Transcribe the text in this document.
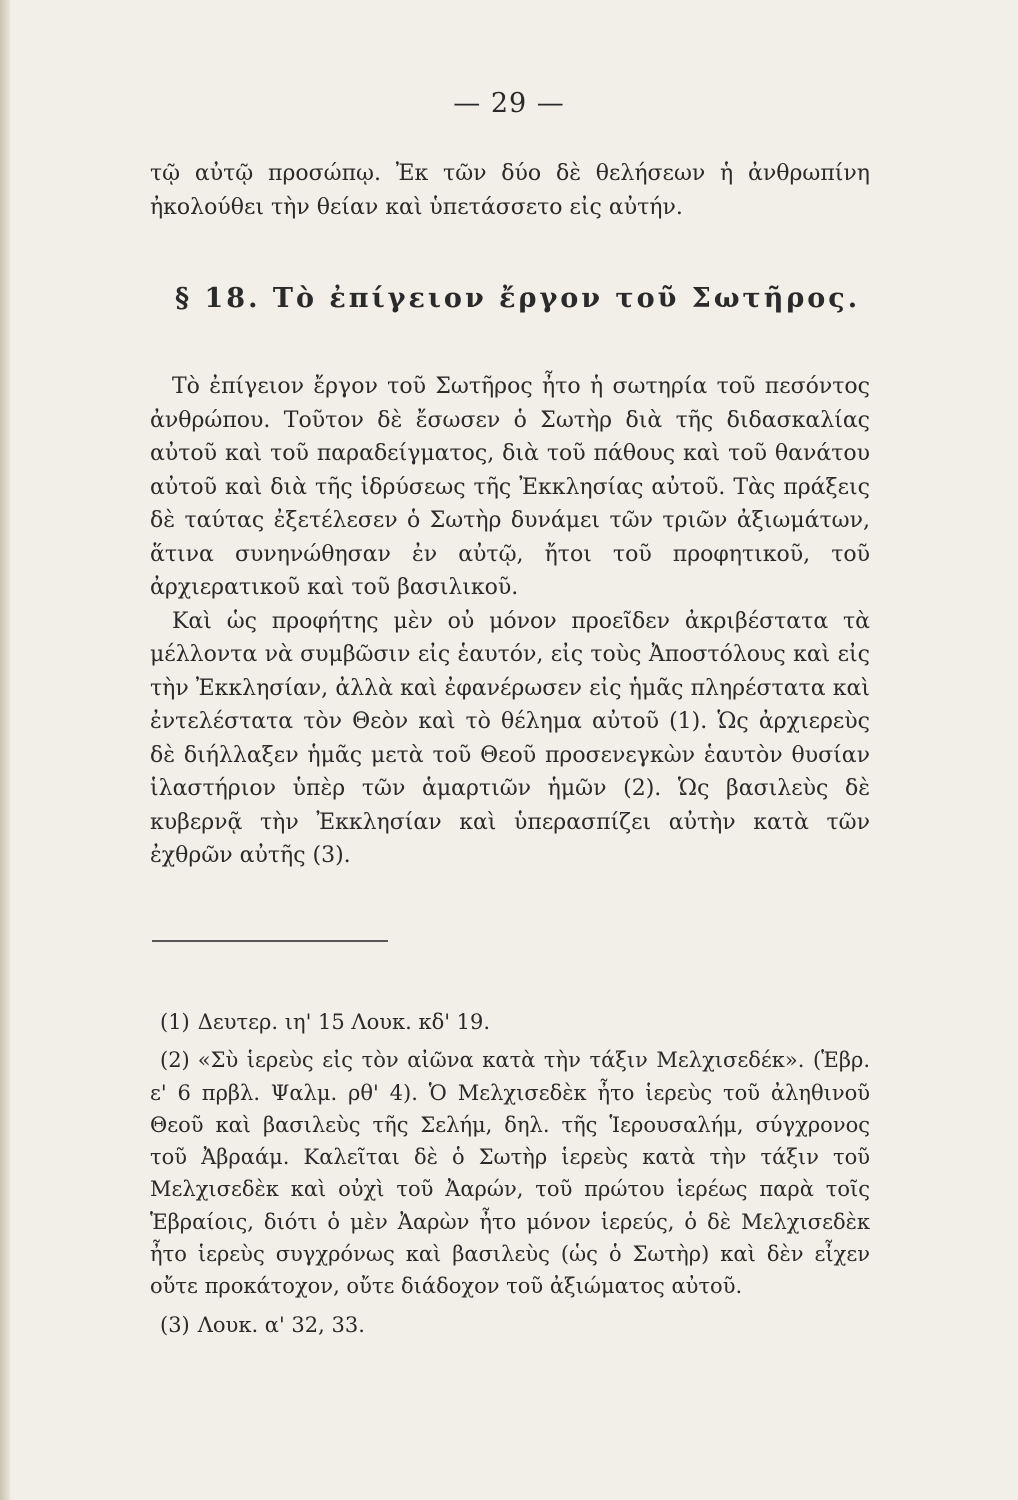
— 29 —

τῷ αὐτῷ προσώπῳ. Ἐκ τῶν δύο δὲ θελήσεων ἡ ἀνθρωπίνη ἠκολούθει τὴν θείαν καὶ ὑπετάσσετο εἰς αὐτήν.

§ 18. Τὸ ἐπίγειον ἔργον τοῦ Σωτῆρος.

Τὸ ἐπίγειον ἔργον τοῦ Σωτῆρος ἦτο ἡ σωτηρία τοῦ πεσόντος ἀνθρώπου. Τοῦτον δὲ ἔσωσεν ὁ Σωτὴρ διὰ τῆς διδασκαλίας αὐτοῦ καὶ τοῦ παραδείγματος, διὰ τοῦ πάθους καὶ τοῦ θανάτου αὐτοῦ καὶ διὰ τῆς ἱδρύσεως τῆς Ἐκκλησίας αὐτοῦ. Τὰς πράξεις δὲ ταύτας ἐξετέλεσεν ὁ Σωτὴρ δυνάμει τῶν τριῶν ἀξιωμάτων, ἅτινα συνηνώθησαν ἐν αὐτῷ, ἤτοι τοῦ προφητικοῦ, τοῦ ἀρχιερατικοῦ καὶ τοῦ βασιλικοῦ.

Καὶ ὡς προφήτης μὲν οὐ μόνον προεῖδεν ἀκριβέστατα τὰ μέλλοντα νὰ συμβῶσιν εἰς ἑαυτόν, εἰς τοὺς Ἀποστόλους καὶ εἰς τὴν Ἐκκλησίαν, ἀλλὰ καὶ ἐφανέρωσεν εἰς ἡμᾶς πληρέστατα καὶ ἐντελέστατα τὸν Θεὸν καὶ τὸ θέλημα αὐτοῦ (1). Ὡς ἀρχιερεὺς δὲ διήλλαξεν ἡμᾶς μετὰ τοῦ Θεοῦ προσενεγκὼν ἑαυτὸν θυσίαν ἱλαστήριον ὑπὲρ τῶν ἁμαρτιῶν ἡμῶν (2). Ὡς βασιλεὺς δὲ κυβερνᾷ τὴν Ἐκκλησίαν καὶ ὑπερασπίζει αὐτὴν κατὰ τῶν ἐχθρῶν αὐτῆς (3).

(1) Δευτερ. ιη' 15 Λουκ. κδ' 19.

(2) «Σὺ ἱερεὺς εἰς τὸν αἰῶνα κατὰ τὴν τάξιν Μελχισεδέκ». (Ἑβρ. ε' 6 πρβλ. Ψαλμ. ρθ' 4). Ὁ Μελχισεδὲκ ἦτο ἱερεὺς τοῦ ἀληθινοῦ Θεοῦ καὶ βασιλεὺς τῆς Σελήμ, δηλ. τῆς Ἱερουσαλήμ, σύγχρονος τοῦ Ἀβραάμ. Καλεῖται δὲ ὁ Σωτὴρ ἱερεὺς κατὰ τὴν τάξιν τοῦ Μελχισεδὲκ καὶ οὐχὶ τοῦ Ἀαρών, τοῦ πρώτου ἱερέως παρὰ τοῖς Ἑβραίοις, διότι ὁ μὲν Ἀαρὼν ἦτο μόνον ἱερεύς, ὁ δὲ Μελχισεδὲκ ἦτο ἱερεὺς συγχρόνως καὶ βασιλεὺς (ὡς ὁ Σωτὴρ) καὶ δὲν εἶχεν οὔτε προκάτοχον, οὔτε διάδοχον τοῦ ἀξιώματος αὐτοῦ.

(3) Λουκ. α' 32, 33.
